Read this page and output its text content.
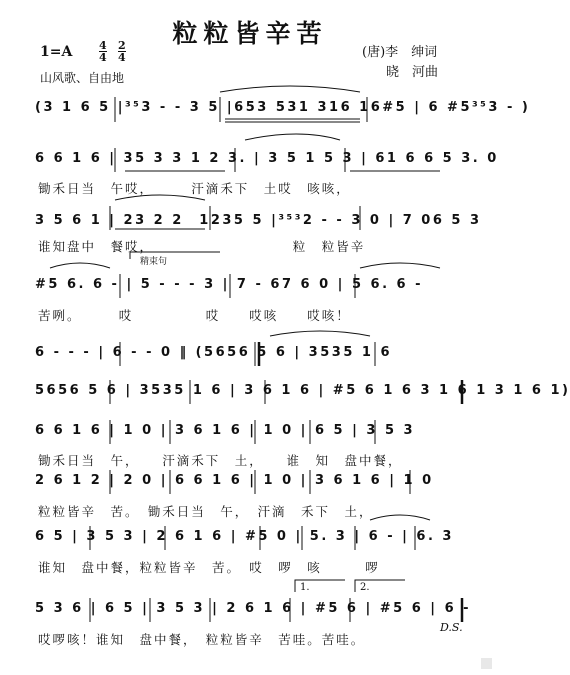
粒粒皆辛苦
1=A 4
4
2
4
山风歌、自由地
(唐)李　绅词
晓　河曲
精束句
1.	2.
(3 1 6 5 |³⁵3 - - 3 5 |653 531 316 16#5 | 6 #5³⁵3 - )
6 6 1 6 | 35 3 3 1 2 3. | 3 5 1 5 3 | 61 6 6 5 3. 0
锄禾日当　午哎，　　　汗滴禾下　土哎　咳咳，
3 5 6 1 | 23 2 2　1235 5 |³⁵³2 - - 3 0 | 7 06 5 3
谁知盘中　餐哎，　　　　　　　　　　粒　粒皆辛
#5 6. 6 - | 5 - - - 3 | 7 - 67 6 0 | 5 6. 6 -
苦咧。　　　哎　　　　　哎　　哎咳　　哎咳！
6 - - - | 6 - - 0 ‖ (5656 5 6 | 3535 1 6
5656 5 6 | 3535 1 6 | 3 6 1 6 | #5 6 1 6 3 1 6 1 3 1 6 1)
6 6 1 6 | 1 0 | 3 6 1 6 | 1 0 | 6 5 | 3 5 3
锄禾日当　午，　　汗滴禾下　土，　　谁　知　盘中餐，
2 6 1 2 | 2 0 | 6 6 1 6 | 1 0 | 3 6 1 6 | 1 0
粒粒皆辛　苦。　锄禾日当　午，　汗滴　禾下　土，
6 5 | 3 5 3 | 2 6 1 6 | #5 0 | 5. 3 | 6 - | 6. 3
谁知　盘中餐，粒粒皆辛　苦。　哎　啰　咳　　　啰
5 3 6 | 6 5 | 3 5 3 | 2 6 1 6 | #5 6 | #5 6 | 6 -
哎啰咳！谁知　盘中餐，　粒粒皆辛　苦哇。苦哇。
D.S.
